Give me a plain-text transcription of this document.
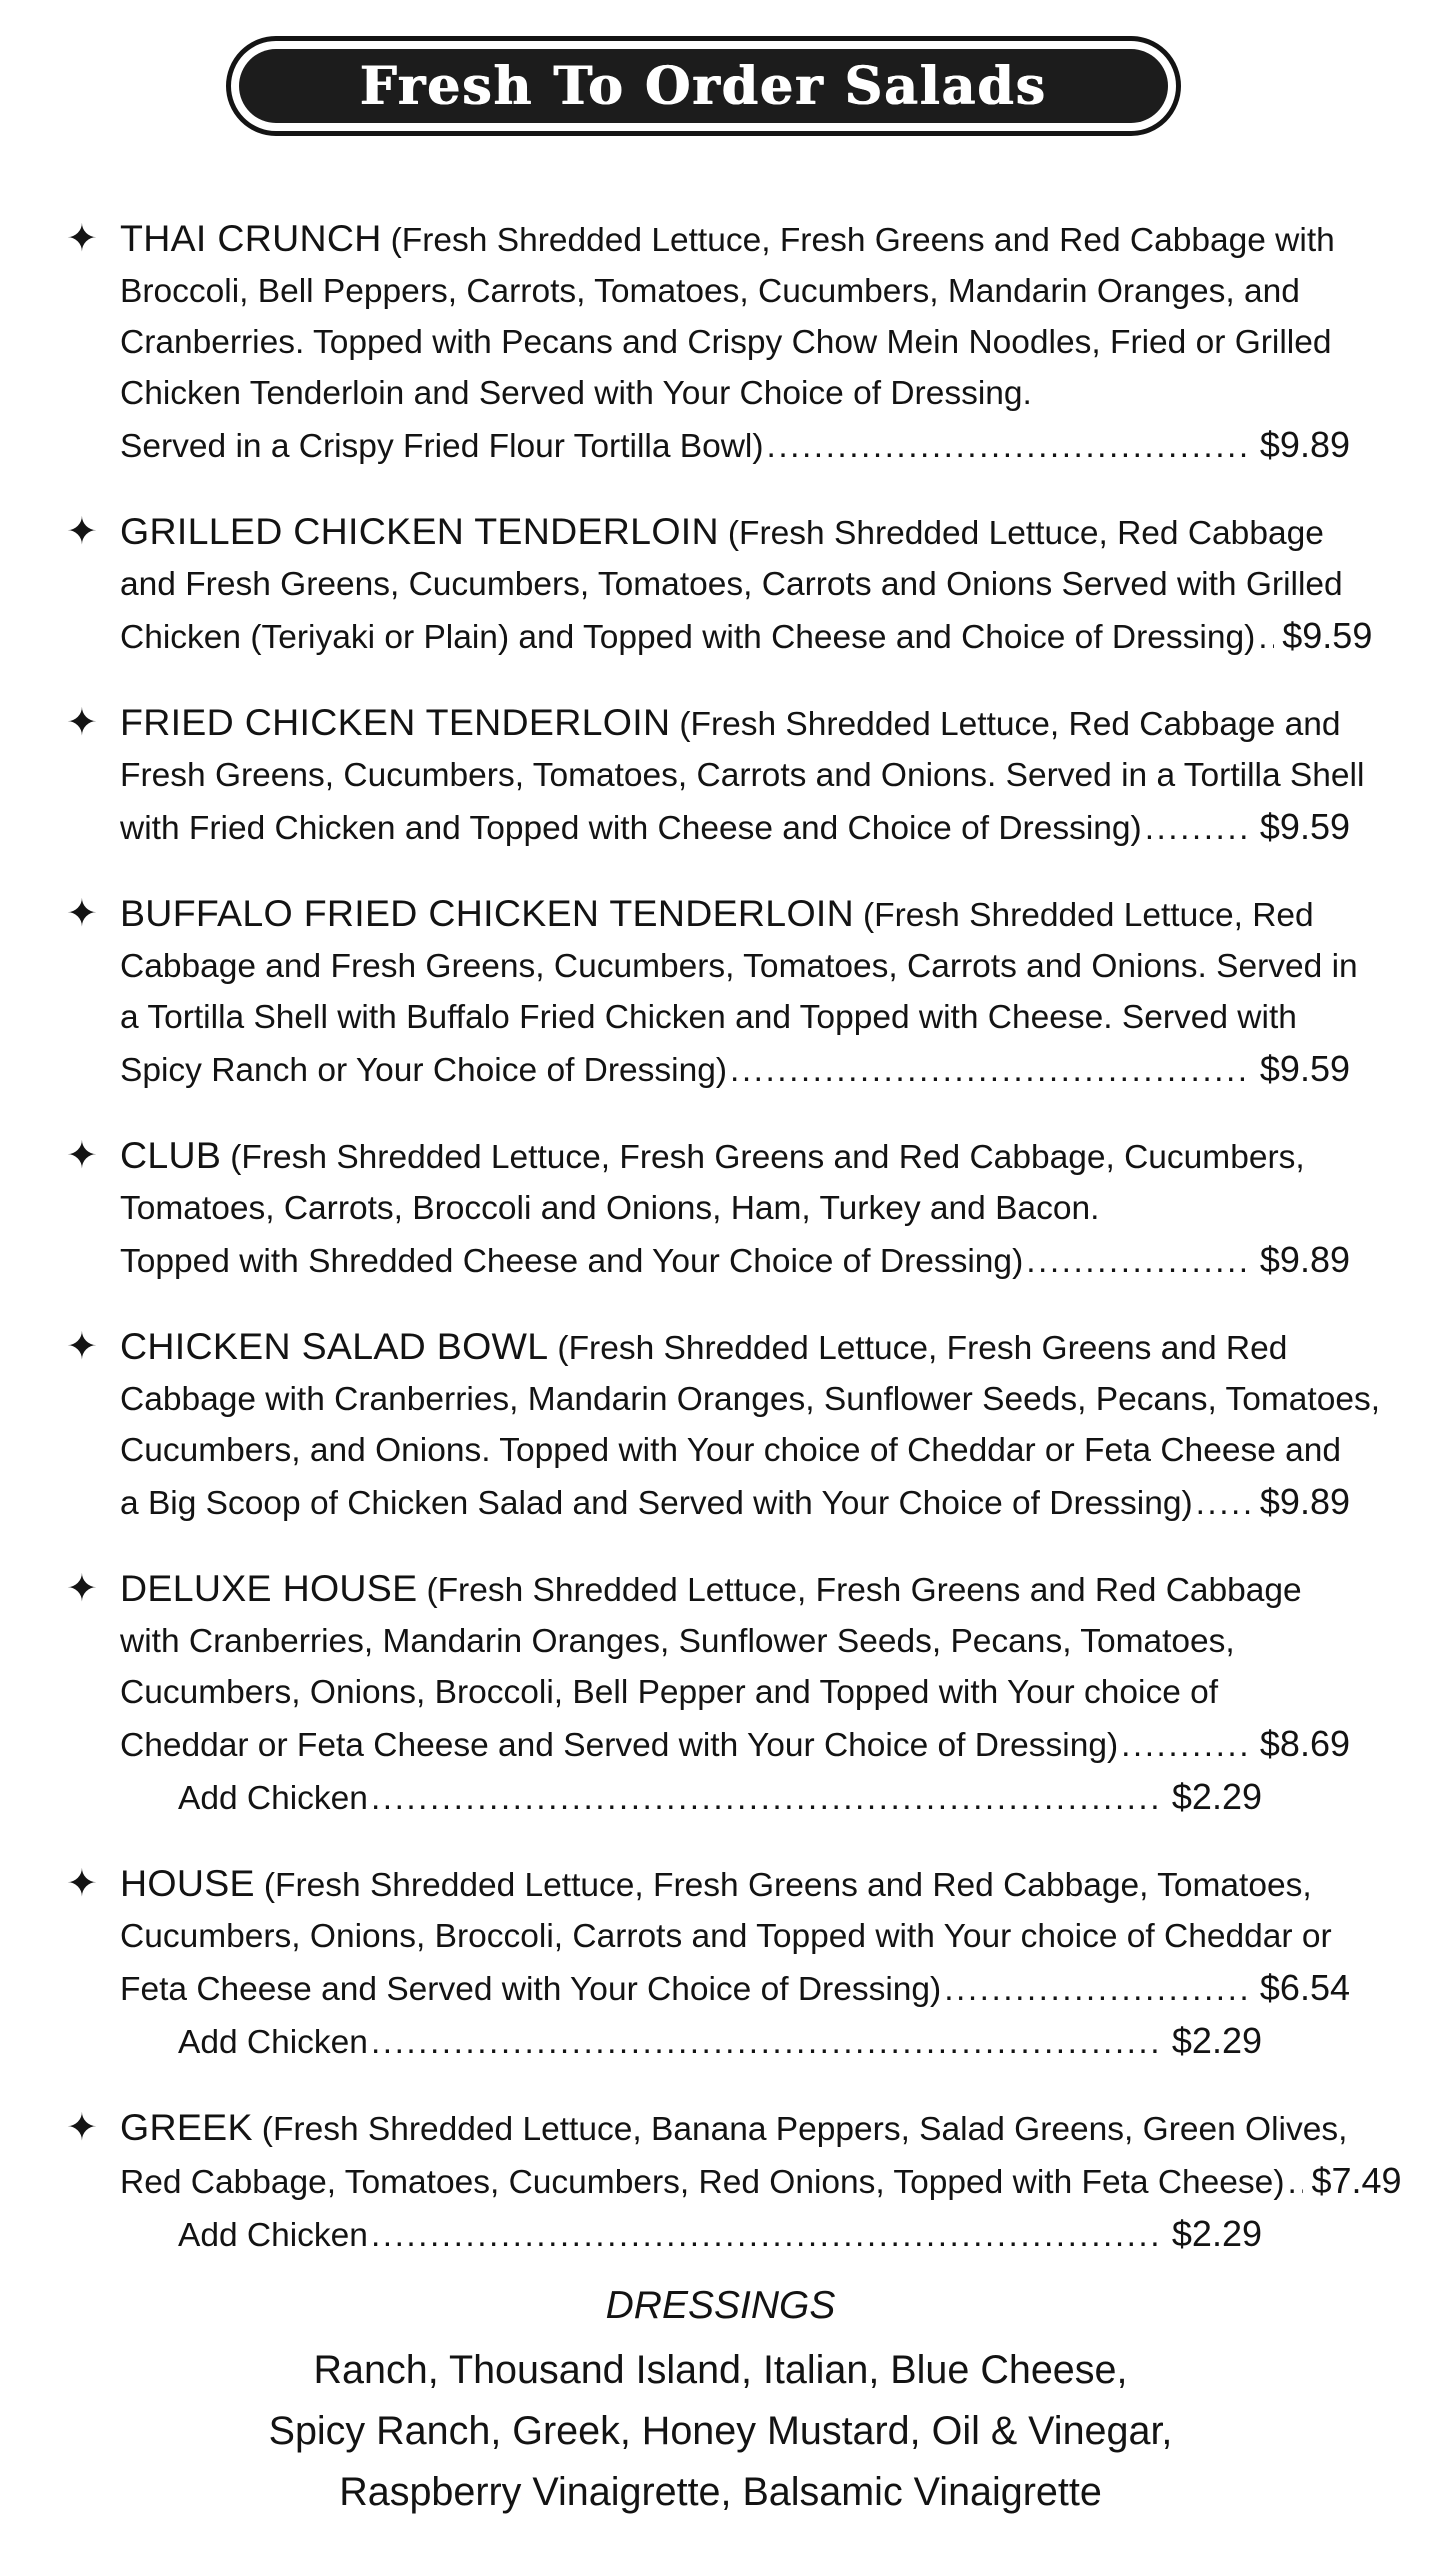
Fresh To Order Salads
✦ THAI CRUNCH (Fresh Shredded Lettuce, Fresh Greens and Red Cabbage with
Broccoli, Bell Peppers, Carrots, Tomatoes, Cucumbers, Mandarin Oranges, and
Cranberries. Topped with Pecans and Crispy Chow Mein Noodles, Fried or Grilled
Chicken Tenderloin and Served with Your Choice of Dressing.
Served in a Crispy Fried Flour Tortilla Bowl) .....	$9.89
✦ GRILLED CHICKEN TENDERLOIN (Fresh Shredded Lettuce, Red Cabbage
and Fresh Greens, Cucumbers, Tomatoes, Carrots and Onions Served with Grilled
Chicken (Teriyaki or Plain) and Topped with Cheese and Choice of Dressing) ..... $9.59
✦ FRIED CHICKEN TENDERLOIN (Fresh Shredded Lettuce, Red Cabbage and
Fresh Greens, Cucumbers, Tomatoes, Carrots and Onions. Served in a Tortilla Shell
with Fried Chicken and Topped with Cheese and Choice of Dressing) .....	$9.59
✦ BUFFALO FRIED CHICKEN TENDERLOIN (Fresh Shredded Lettuce, Red
Cabbage and Fresh Greens, Cucumbers, Tomatoes, Carrots and Onions. Served in
a Tortilla Shell with Buffalo Fried Chicken and Topped with Cheese. Served with
Spicy Ranch or Your Choice of Dressing) .....	$9.59
✦ CLUB (Fresh Shredded Lettuce, Fresh Greens and Red Cabbage, Cucumbers,
Tomatoes, Carrots, Broccoli and Onions, Ham, Turkey and Bacon.
Topped with Shredded Cheese and Your Choice of Dressing) .....	$9.89
✦ CHICKEN SALAD BOWL (Fresh Shredded Lettuce, Fresh Greens and Red
Cabbage with Cranberries, Mandarin Oranges, Sunflower Seeds, Pecans, Tomatoes,
Cucumbers, and Onions. Topped with Your choice of Cheddar or Feta Cheese and
a Big Scoop of Chicken Salad and Served with Your Choice of Dressing) ..... $9.89
✦ DELUXE HOUSE (Fresh Shredded Lettuce, Fresh Greens and Red Cabbage
with Cranberries, Mandarin Oranges, Sunflower Seeds, Pecans, Tomatoes,
Cucumbers, Onions, Broccoli, Bell Pepper and Topped with Your choice of
Cheddar or Feta Cheese and Served with Your Choice of Dressing) .....	$8.69
Add Chicken .....	$2.29
✦ HOUSE (Fresh Shredded Lettuce, Fresh Greens and Red Cabbage, Tomatoes,
Cucumbers, Onions, Broccoli, Carrots and Topped with Your choice of Cheddar or
Feta Cheese and Served with Your Choice of Dressing) .....	$6.54
Add Chicken .....	$2.29
✦ GREEK (Fresh Shredded Lettuce, Banana Peppers, Salad Greens, Green Olives,
Red Cabbage, Tomatoes, Cucumbers, Red Onions, Topped with Feta Cheese) ..... $7.49
Add Chicken .....	$2.29
DRESSINGS
Ranch, Thousand Island, Italian, Blue Cheese,
Spicy Ranch, Greek, Honey Mustard, Oil & Vinegar,
Raspberry Vinaigrette, Balsamic Vinaigrette
